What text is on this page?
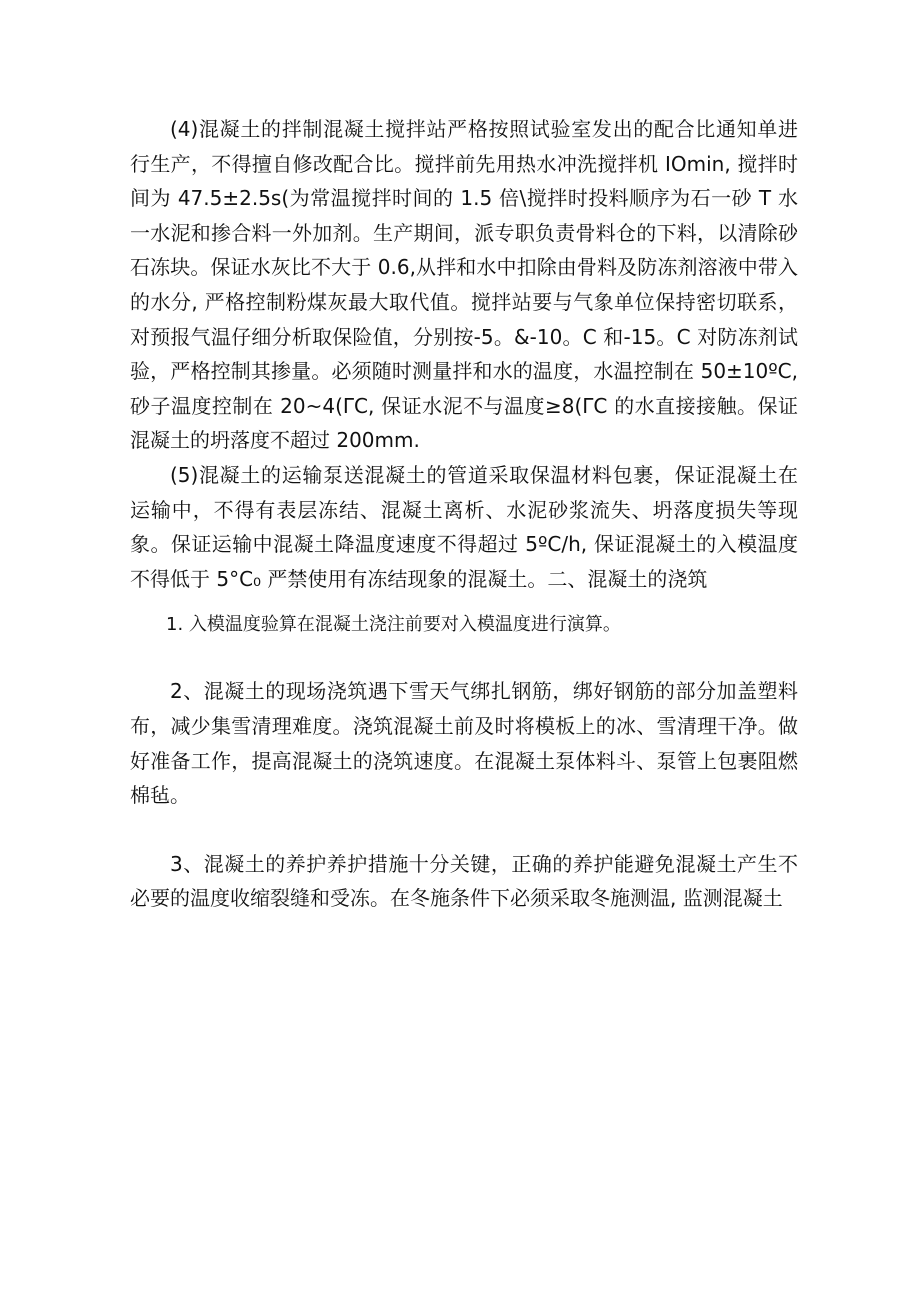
(4)混凝土的拌制混凝土搅拌站严格按照试验室发出的配合比通知单进行生产，不得擅自修改配合比。搅拌前先用热水冲洗搅拌机 IOmin, 搅拌时间为 47.5±2.5s(为常温搅拌时间的 1.5 倍\搅拌时投料顺序为石一砂 T 水一水泥和掺合料一外加剂。生产期间，派专职负责骨料仓的下料，以清除砂石冻块。保证水灰比不大于 0.6,从拌和水中扣除由骨料及防冻剂溶液中带入的水分, 严格控制粉煤灰最大取代值。搅拌站要与气象单位保持密切联系，对预报气温仔细分析取保险值，分别按-5。&-10。C 和-15。C 对防冻剂试验，严格控制其掺量。必须随时测量拌和水的温度，水温控制在 50±10ºC, 砂子温度控制在 20~4(ΓC, 保证水泥不与温度≥8(ΓC 的水直接接触。保证混凝土的坍落度不超过 200mm.

(5)混凝土的运输泵送混凝土的管道采取保温材料包裹，保证混凝土在运输中，不得有表层冻结、混凝土离析、水泥砂浆流失、坍落度损失等现象。保证运输中混凝土降温度速度不得超过 5ºC/h, 保证混凝土的入模温度不得低于 5°C₀ 严禁使用有冻结现象的混凝土。二、混凝土的浇筑

1. 入模温度验算在混凝土浇注前要对入模温度进行演算。

2、混凝土的现场浇筑遇下雪天气绑扎钢筋，绑好钢筋的部分加盖塑料布，减少集雪清理难度。浇筑混凝土前及时将模板上的冰、雪清理干净。做好准备工作，提高混凝土的浇筑速度。在混凝土泵体料斗、泵管上包裹阻燃棉毡。

3、混凝土的养护养护措施十分关键，正确的养护能避免混凝土产生不必要的温度收缩裂缝和受冻。在冬施条件下必须采取冬施测温, 监测混凝土
